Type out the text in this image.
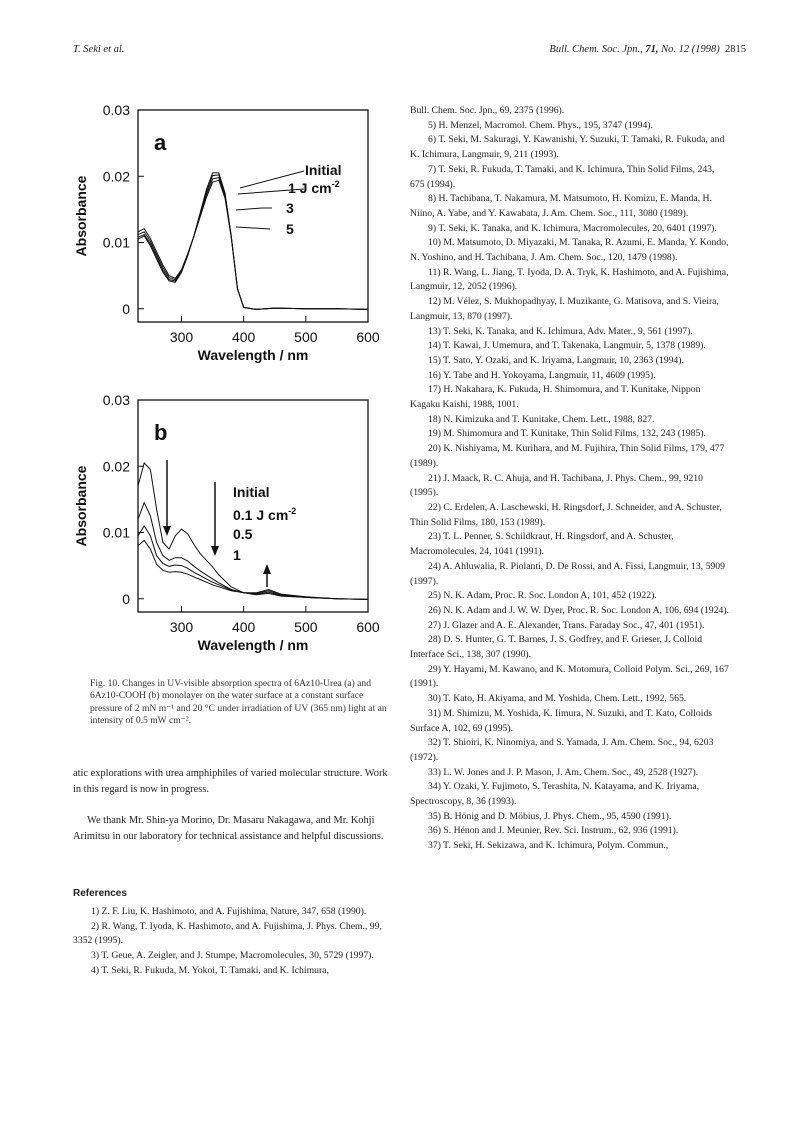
T. Seki et al.	Bull. Chem. Soc. Jpn., 71, No. 12 (1998) 2815
0
0.01
0.02
0.03
300	400	500	600
Wavelength / nm
Absorbance
a
Initial
1 J $cm^{-2}$
3
5
0
0.01
0.02
0.03
300	400	500	600
Wavelength / nm
Absorbance
b
Initial
0.1 J $cm^{-2}$
0.5
1
Fig. 10. Changes in UV-visible absorption spectra of 6Az10-Urea (a) and 6Az10-COOH (b) monolayer on the water surface at a constant surface pressure of 2 mN m⁻¹ and 20 °C under irradiation of UV (365 nm) light at an intensity of 0.5 mW cm⁻².
atic explorations with urea amphiphiles of varied molecular structure. Work in this regard is now in progress.
We thank Mr. Shin-ya Morino, Dr. Masaru Nakagawa, and Mr. Kohji Arimitsu in our laboratory for technical assistance and helpful discussions.
References
1) Z. F. Liu, K. Hashimoto, and A. Fujishima, Nature, 347, 658 (1990).
2) R. Wang, T. Iyoda, K. Hashimoto, and A. Fujishima, J. Phys. Chem., 99, 3352 (1995).
3) T. Geue, A. Zeigler, and J. Stumpe, Macromolecules, 30, 5729 (1997).
4) T. Seki, R. Fukuda, M. Yokoi, T. Tamaki, and K. Ichimura,
Bull. Chem. Soc. Jpn., 69, 2375 (1996).
5) H. Menzel, Macromol. Chem. Phys., 195, 3747 (1994).
6) T. Seki, M. Sakuragi, Y. Kawanishi, Y. Suzuki, T. Tamaki, R. Fukuda, and K. Ichimura, Langmuir, 9, 211 (1993).
7) T. Seki, R. Fukuda, T. Tamaki, and K. Ichimura, Thin Solid Films, 243, 675 (1994).
8) H. Tachibana, T. Nakamura, M. Matsumoto, H. Komizu, E. Manda, H. Niino, A. Yabe, and Y. Kawabata, J. Am. Chem. Soc., 111, 3080 (1989).
9) T. Seki, K. Tanaka, and K. Ichimura, Macromolecules, 20, 6401 (1997).
10) M. Matsumoto, D. Miyazaki, M. Tanaka, R. Azumi, E. Manda, Y. Kondo, N. Yoshino, and H. Tachibana, J. Am. Chem. Soc., 120, 1479 (1998).
11) R. Wang, L. Jiang, T. Iyoda, D. A. Tryk, K. Hashimoto, and A. Fujishima, Langmuir, 12, 2052 (1996).
12) M. Vélez, S. Mukhopadhyay, I. Muzikante, G. Matisova, and S. Vieira, Langmuir, 13, 870 (1997).
13) T. Seki, K. Tanaka, and K. Ichimura, Adv. Mater., 9, 561 (1997).
14) T. Kawai, J. Umemura, and T. Takenaka, Langmuir, 5, 1378 (1989).
15) T. Sato, Y. Ozaki, and K. Iriyama, Langmuir, 10, 2363 (1994).
16) Y. Tabe and H. Yokoyama, Langmuir, 11, 4609 (1995).
17) H. Nakahara, K. Fukuda, H. Shimomura, and T. Kunitake, Nippon Kagaku Kaishi, 1988, 1001.
18) N. Kimizuka and T. Kunitake, Chem. Lett., 1988, 827.
19) M. Shimomura and T. Kunitake, Thin Solid Films, 132, 243 (1985).
20) K. Nishiyama, M. Kurihara, and M. Fujihira, Thin Solid Films, 179, 477 (1989).
21) J. Maack, R. C. Ahuja, and H. Tachibana, J. Phys. Chem., 99, 9210 (1995).
22) C. Erdelen, A. Laschewski, H. Ringsdorf, J. Schneider, and A. Schuster, Thin Solid Films, 180, 153 (1989).
23) T. L. Penner, S. Schildkraut, H. Ringsdorf, and A. Schuster, Macromolecules, 24, 1041 (1991).
24) A. Ahluwalia, R. Piolanti, D. De Rossi, and A. Fissi, Langmuir, 13, 5909 (1997).
25) N. K. Adam, Proc. R. Soc. London A, 101, 452 (1922).
26) N. K. Adam and J. W. W. Dyer, Proc. R. Soc. London A, 106, 694 (1924).
27) J. Glazer and A. E. Alexander, Trans. Faraday Soc., 47, 401 (1951).
28) D. S. Hunter, G. T. Barnes, J. S. Godfrey, and F. Grieser, J. Colloid Interface Sci., 138, 307 (1990).
29) Y. Hayami, M. Kawano, and K. Motomura, Colloid Polym. Sci., 269, 167 (1991).
30) T. Kato, H. Akiyama, and M. Yoshida, Chem. Lett., 1992, 565.
31) M. Shimizu, M. Yoshida, K. Iimura, N. Suzuki, and T. Kato, Colloids Surface A, 102, 69 (1995).
32) T. Shioiri, K. Ninomiya, and S. Yamada, J. Am. Chem. Soc., 94, 6203 (1972).
33) L. W. Jones and J. P. Mason, J. Am. Chem. Soc., 49, 2528 (1927).
34) Y. Ozaki, Y. Fujimoto, S. Terashita, N. Katayama, and K. Iriyama, Spectroscopy, 8, 36 (1993).
35) B. Hönig and D. Möbius, J. Phys. Chem., 95, 4590 (1991).
36) S. Hénon and J. Meunier, Rev. Sci. Instrum., 62, 936 (1991).
37) T. Seki, H. Sekizawa, and K. Ichimura, Polym. Commun.,
